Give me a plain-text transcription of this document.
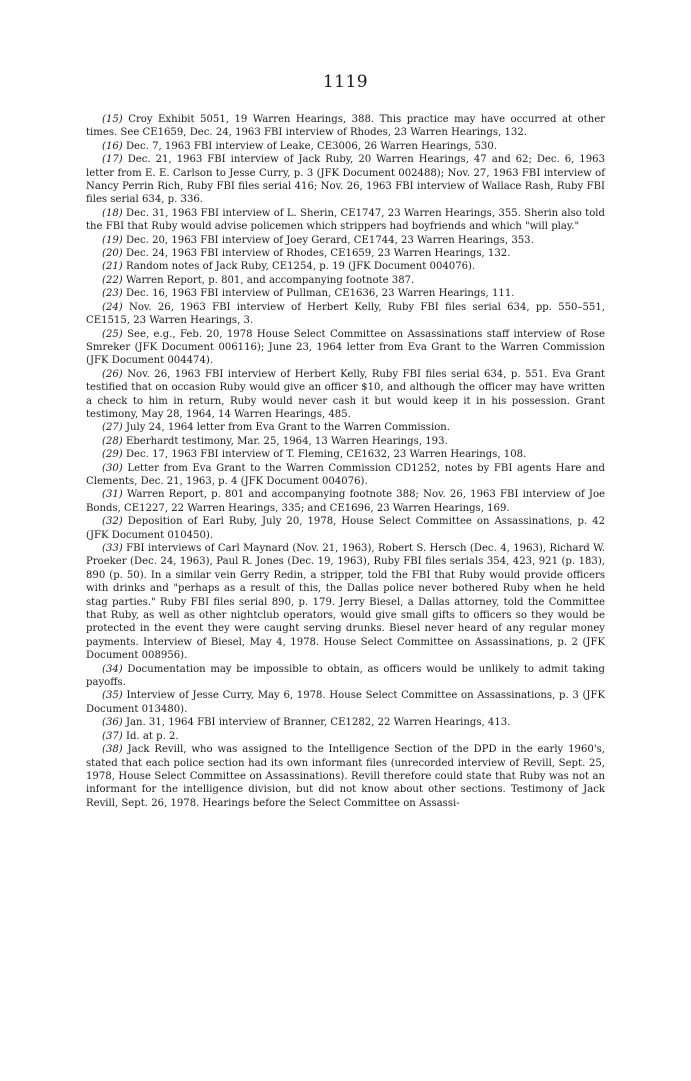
1119

(15) Croy Exhibit 5051, 19 Warren Hearings, 388. This practice may have occurred at other times. See CE1659, Dec. 24, 1963 FBI interview of Rhodes, 23 Warren Hearings, 132.

(16) Dec. 7, 1963 FBI interview of Leake, CE3006, 26 Warren Hearings, 530.

(17) Dec. 21, 1963 FBI interview of Jack Ruby, 20 Warren Hearings, 47 and 62; Dec. 6, 1963 letter from E. E. Carlson to Jesse Curry, p. 3 (JFK Document 002488); Nov. 27, 1963 FBI interview of Nancy Perrin Rich, Ruby FBI files serial 416; Nov. 26, 1963 FBI interview of Wallace Rash, Ruby FBI files serial 634, p. 336.

(18) Dec. 31, 1963 FBI interview of L. Sherin, CE1747, 23 Warren Hearings, 355. Sherin also told the FBI that Ruby would advise policemen which strippers had boyfriends and which "will play."

(19) Dec. 20, 1963 FBI interview of Joey Gerard, CE1744, 23 Warren Hearings, 353.

(20) Dec. 24, 1963 FBI interview of Rhodes, CE1659, 23 Warren Hearings, 132.

(21) Random notes of Jack Ruby, CE1254, p. 19 (JFK Document 004076).

(22) Warren Report, p. 801, and accompanying footnote 387.

(23) Dec. 16, 1963 FBI interview of Pullman, CE1636, 23 Warren Hearings, 111.

(24) Nov. 26, 1963 FBI interview of Herbert Kelly, Ruby FBI files serial 634, pp. 550–551, CE1515, 23 Warren Hearings, 3.

(25) See, e.g., Feb. 20, 1978 House Select Committee on Assassinations staff interview of Rose Smreker (JFK Document 006116); June 23, 1964 letter from Eva Grant to the Warren Commission (JFK Document 004474).

(26) Nov. 26, 1963 FBI interview of Herbert Kelly, Ruby FBI files serial 634, p. 551. Eva Grant testified that on occasion Ruby would give an officer $10, and although the officer may have written a check to him in return, Ruby would never cash it but would keep it in his possession. Grant testimony, May 28, 1964, 14 Warren Hearings, 485.

(27) July 24, 1964 letter from Eva Grant to the Warren Commission.

(28) Eberhardt testimony, Mar. 25, 1964, 13 Warren Hearings, 193.

(29) Dec. 17, 1963 FBI interview of T. Fleming, CE1632, 23 Warren Hearings, 108.

(30) Letter from Eva Grant to the Warren Commission CD1252, notes by FBI agents Hare and Clements, Dec. 21, 1963, p. 4 (JFK Document 004076).

(31) Warren Report, p. 801 and accompanying footnote 388; Nov. 26, 1963 FBI interview of Joe Bonds, CE1227, 22 Warren Hearings, 335; and CE1696, 23 Warren Hearings, 169.

(32) Deposition of Earl Ruby, July 20, 1978, House Select Committee on Assassinations, p. 42 (JFK Document 010450).

(33) FBI interviews of Carl Maynard (Nov. 21, 1963), Robert S. Hersch (Dec. 4, 1963), Richard W. Proeker (Dec. 24, 1963), Paul R. Jones (Dec. 19, 1963), Ruby FBI files serials 354, 423, 921 (p. 183), 890 (p. 50). In a similar vein Gerry Redin, a stripper, told the FBI that Ruby would provide officers with drinks and "perhaps as a result of this, the Dallas police never bothered Ruby when he held stag parties." Ruby FBI files serial 890, p. 179. Jerry Biesel, a Dallas attorney, told the Committee that Ruby, as well as other nightclub operators, would give small gifts to officers so they would be protected in the event they were caught serving drunks. Biesel never heard of any regular money payments. Interview of Biesel, May 4, 1978. House Select Committee on Assassinations, p. 2 (JFK Document 008956).

(34) Documentation may be impossible to obtain, as officers would be unlikely to admit taking payoffs.

(35) Interview of Jesse Curry, May 6, 1978. House Select Committee on Assassinations, p. 3 (JFK Document 013480).

(36) Jan. 31, 1964 FBI interview of Branner, CE1282, 22 Warren Hearings, 413.

(37) Id. at p. 2.

(38) Jack Revill, who was assigned to the Intelligence Section of the DPD in the early 1960's, stated that each police section had its own informant files (unrecorded interview of Revill, Sept. 25, 1978, House Select Committee on Assassinations). Revill therefore could state that Ruby was not an informant for the intelligence division, but did not know about other sections. Testimony of Jack Revill, Sept. 26, 1978. Hearings before the Select Committee on Assassi-
